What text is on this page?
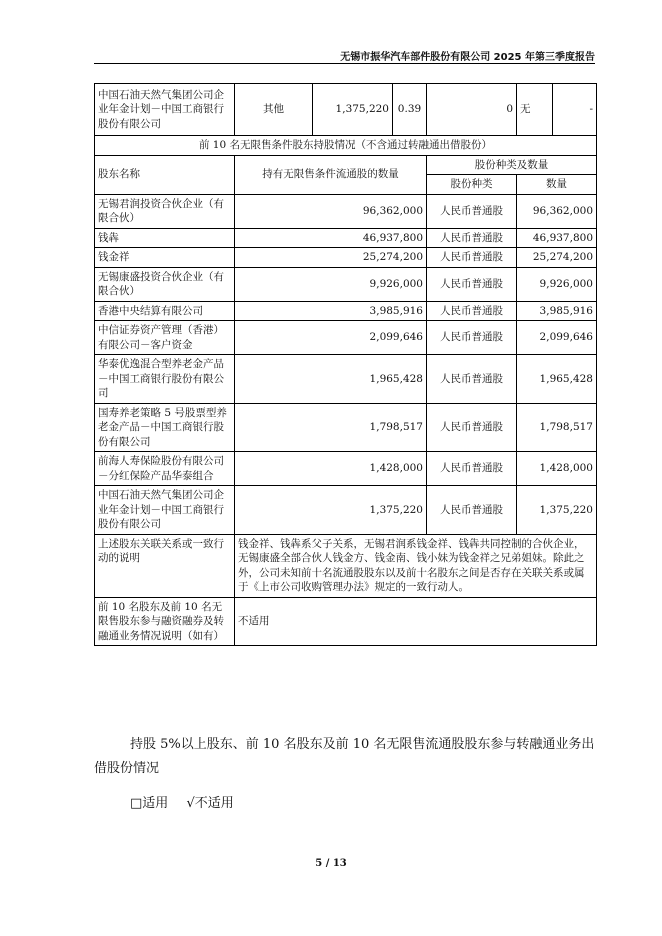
无锡市振华汽车部件股份有限公司 2025 年第三季度报告
中国石油天然气集团公司企业年金计划－中国工商银行股份有限公司	其他	1,375,220	0.39	0	无	-
前 10 名无限售条件股东持股情况（不含通过转融通出借股份）						
股东名称	持有无限售条件流通股的数量			股份种类及数量		
				股份种类	数量	
无锡君润投资合伙企业（有限合伙）	96,362,000			人民币普通股	96,362,000	
钱犇	46,937,800			人民币普通股	46,937,800	
钱金祥	25,274,200			人民币普通股	25,274,200	
无锡康盛投资合伙企业（有限合伙）	9,926,000			人民币普通股	9,926,000	
香港中央结算有限公司	3,985,916			人民币普通股	3,985,916	
中信证券资产管理（香港）有限公司－客户资金	2,099,646			人民币普通股	2,099,646	
华泰优逸混合型养老金产品－中国工商银行股份有限公司	1,965,428			人民币普通股	1,965,428	
国寿养老策略 5 号股票型养老金产品－中国工商银行股份有限公司	1,798,517			人民币普通股	1,798,517	
前海人寿保险股份有限公司－分红保险产品华泰组合	1,428,000			人民币普通股	1,428,000	
中国石油天然气集团公司企业年金计划－中国工商银行股份有限公司	1,375,220			人民币普通股	1,375,220	
上述股东关联关系或一致行动的说明	钱金祥、钱犇系父子关系，无锡君润系钱金祥、钱犇共同控制的合伙企业，无锡康盛全部合伙人钱金方、钱金南、钱小妹为钱金祥之兄弟姐妹。除此之外，公司未知前十名流通股股东以及前十名股东之间是否存在关联关系或属于《上市公司收购管理办法》规定的一致行动人。					
前 10 名股东及前 10 名无限售股东参与融资融券及转融通业务情况说明（如有）	不适用					
持股 5%以上股东、前 10 名股东及前 10 名无限售流通股股东参与转融通业务出
借股份情况
□适用 √不适用
5 / 13
